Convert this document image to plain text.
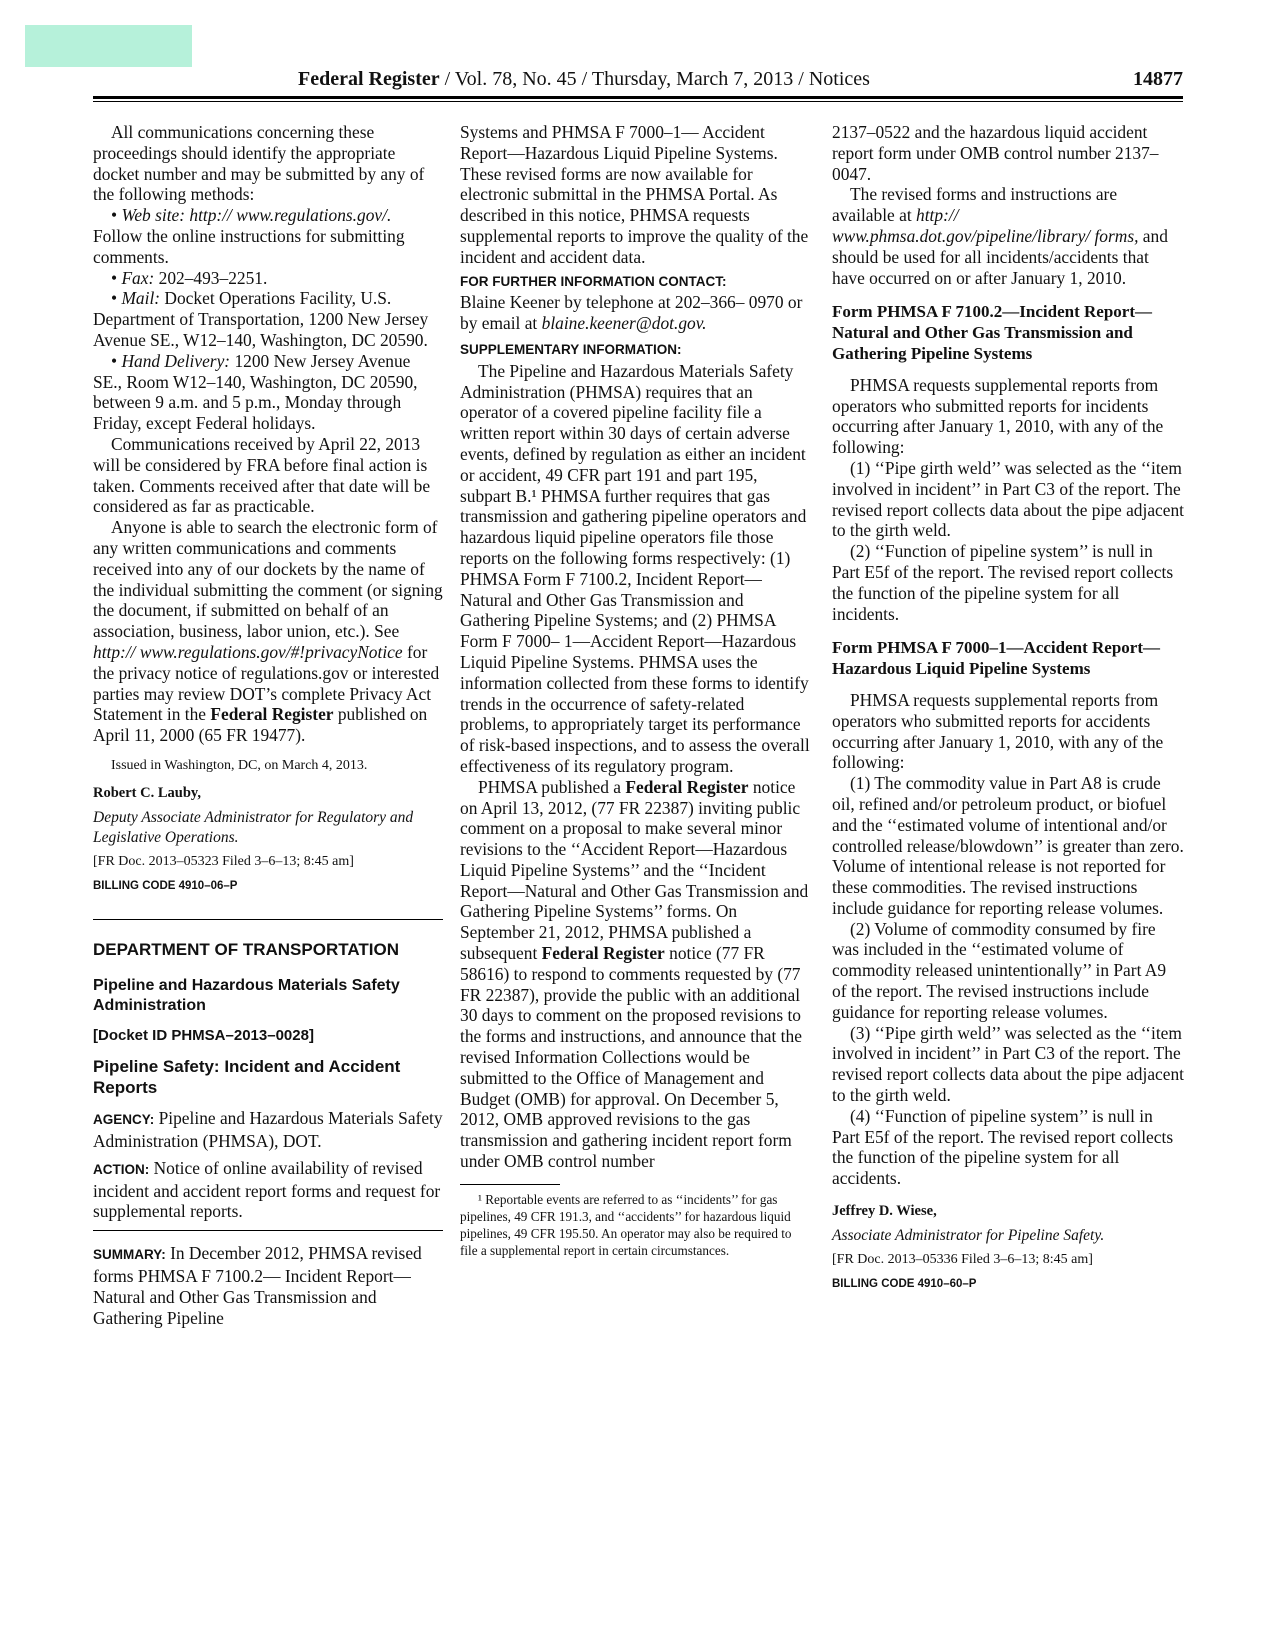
Federal Register / Vol. 78, No. 45 / Thursday, March 7, 2013 / Notices	14877

All communications concerning these proceedings should identify the appropriate docket number and may be submitted by any of the following methods:

• Web site: http:// www.regulations.gov/. Follow the online instructions for submitting comments.

• Fax: 202–493–2251.

• Mail: Docket Operations Facility, U.S. Department of Transportation, 1200 New Jersey Avenue SE., W12–140, Washington, DC 20590.

• Hand Delivery: 1200 New Jersey Avenue SE., Room W12–140, Washington, DC 20590, between 9 a.m. and 5 p.m., Monday through Friday, except Federal holidays.

Communications received by April 22, 2013 will be considered by FRA before final action is taken. Comments received after that date will be considered as far as practicable.

Anyone is able to search the electronic form of any written communications and comments received into any of our dockets by the name of the individual submitting the comment (or signing the document, if submitted on behalf of an association, business, labor union, etc.). See http:// www.regulations.gov/#!privacyNotice for the privacy notice of regulations.gov or interested parties may review DOT’s complete Privacy Act Statement in the Federal Register published on April 11, 2000 (65 FR 19477).

Issued in Washington, DC, on March 4, 2013.

Robert C. Lauby,

Deputy Associate Administrator for Regulatory and Legislative Operations.

[FR Doc. 2013–05323 Filed 3–6–13; 8:45 am]

BILLING CODE 4910–06–P

DEPARTMENT OF TRANSPORTATION

Pipeline and Hazardous Materials Safety Administration

[Docket ID PHMSA–2013–0028]

Pipeline Safety: Incident and Accident Reports

AGENCY: Pipeline and Hazardous Materials Safety Administration (PHMSA), DOT.

ACTION: Notice of online availability of revised incident and accident report forms and request for supplemental reports.

SUMMARY: In December 2012, PHMSA revised forms PHMSA F 7100.2— Incident Report—Natural and Other Gas Transmission and Gathering Pipeline

Systems and PHMSA F 7000–1— Accident Report—Hazardous Liquid Pipeline Systems. These revised forms are now available for electronic submittal in the PHMSA Portal. As described in this notice, PHMSA requests supplemental reports to improve the quality of the incident and accident data.

FOR FURTHER INFORMATION CONTACT:

Blaine Keener by telephone at 202–366– 0970 or by email at blaine.keener@dot.gov.

SUPPLEMENTARY INFORMATION:

The Pipeline and Hazardous Materials Safety Administration (PHMSA) requires that an operator of a covered pipeline facility file a written report within 30 days of certain adverse events, defined by regulation as either an incident or accident, 49 CFR part 191 and part 195, subpart B.¹ PHMSA further requires that gas transmission and gathering pipeline operators and hazardous liquid pipeline operators file those reports on the following forms respectively: (1) PHMSA Form F 7100.2, Incident Report—Natural and Other Gas Transmission and Gathering Pipeline Systems; and (2) PHMSA Form F 7000– 1—Accident Report—Hazardous Liquid Pipeline Systems. PHMSA uses the information collected from these forms to identify trends in the occurrence of safety-related problems, to appropriately target its performance of risk-based inspections, and to assess the overall effectiveness of its regulatory program.

PHMSA published a Federal Register notice on April 13, 2012, (77 FR 22387) inviting public comment on a proposal to make several minor revisions to the ‘‘Accident Report—Hazardous Liquid Pipeline Systems’’ and the ‘‘Incident Report—Natural and Other Gas Transmission and Gathering Pipeline Systems’’ forms. On September 21, 2012, PHMSA published a subsequent Federal Register notice (77 FR 58616) to respond to comments requested by (77 FR 22387), provide the public with an additional 30 days to comment on the proposed revisions to the forms and instructions, and announce that the revised Information Collections would be submitted to the Office of Management and Budget (OMB) for approval. On December 5, 2012, OMB approved revisions to the gas transmission and gathering incident report form under OMB control number

¹ Reportable events are referred to as ‘‘incidents’’ for gas pipelines, 49 CFR 191.3, and ‘‘accidents’’ for hazardous liquid pipelines, 49 CFR 195.50. An operator may also be required to file a supplemental report in certain circumstances.

2137–0522 and the hazardous liquid accident report form under OMB control number 2137–0047.

The revised forms and instructions are available at http:// www.phmsa.dot.gov/pipeline/library/ forms, and should be used for all incidents/accidents that have occurred on or after January 1, 2010.

Form PHMSA F 7100.2—Incident Report—Natural and Other Gas Transmission and Gathering Pipeline Systems

PHMSA requests supplemental reports from operators who submitted reports for incidents occurring after January 1, 2010, with any of the following:

(1) ‘‘Pipe girth weld’’ was selected as the ‘‘item involved in incident’’ in Part C3 of the report. The revised report collects data about the pipe adjacent to the girth weld.

(2) ‘‘Function of pipeline system’’ is null in Part E5f of the report. The revised report collects the function of the pipeline system for all incidents.

Form PHMSA F 7000–1—Accident Report—Hazardous Liquid Pipeline Systems

PHMSA requests supplemental reports from operators who submitted reports for accidents occurring after January 1, 2010, with any of the following:

(1) The commodity value in Part A8 is crude oil, refined and/or petroleum product, or biofuel and the ‘‘estimated volume of intentional and/or controlled release/blowdown’’ is greater than zero. Volume of intentional release is not reported for these commodities. The revised instructions include guidance for reporting release volumes.

(2) Volume of commodity consumed by fire was included in the ‘‘estimated volume of commodity released unintentionally’’ in Part A9 of the report. The revised instructions include guidance for reporting release volumes.

(3) ‘‘Pipe girth weld’’ was selected as the ‘‘item involved in incident’’ in Part C3 of the report. The revised report collects data about the pipe adjacent to the girth weld.

(4) ‘‘Function of pipeline system’’ is null in Part E5f of the report. The revised report collects the function of the pipeline system for all accidents.

Jeffrey D. Wiese,

Associate Administrator for Pipeline Safety.

[FR Doc. 2013–05336 Filed 3–6–13; 8:45 am]

BILLING CODE 4910–60–P
